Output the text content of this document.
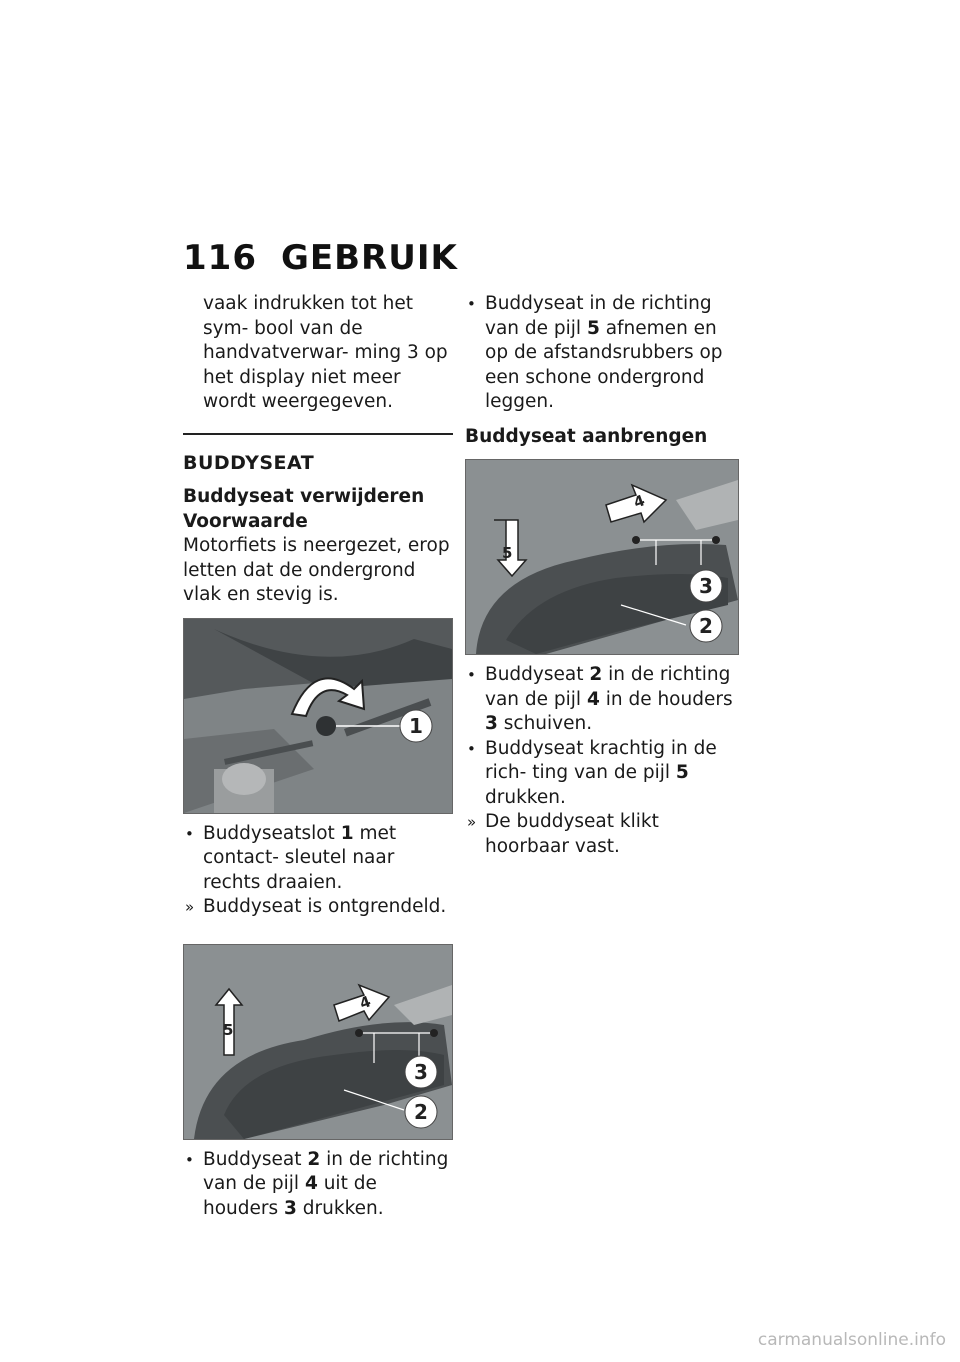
116 GEBRUIK

vaak indrukken tot het sym- bool van de handvatverwar- ming 3 op het display niet meer wordt weergegeven.

BUDDYSEAT

Buddyseat verwijderen

Voorwaarde

Motorfiets is neergezet, erop letten dat de ondergrond vlak en stevig is.

1

• Buddyseatslot 1 met contact- sleutel naar rechts draaien.

» Buddyseat is ontgrendeld.

4
5
3
2

• Buddyseat 2 in de richting van de pijl 4 uit de houders 3 drukken.

• Buddyseat in de richting van de pijl 5 afnemen en op de afstandsrubbers op een schone ondergrond leggen.

Buddyseat aanbrengen

4
5
3
2

• Buddyseat 2 in de richting van de pijl 4 in de houders 3 schuiven.

• Buddyseat krachtig in de rich- ting van de pijl 5 drukken.

» De buddyseat klikt hoorbaar vast.

carmanualsonline.info
